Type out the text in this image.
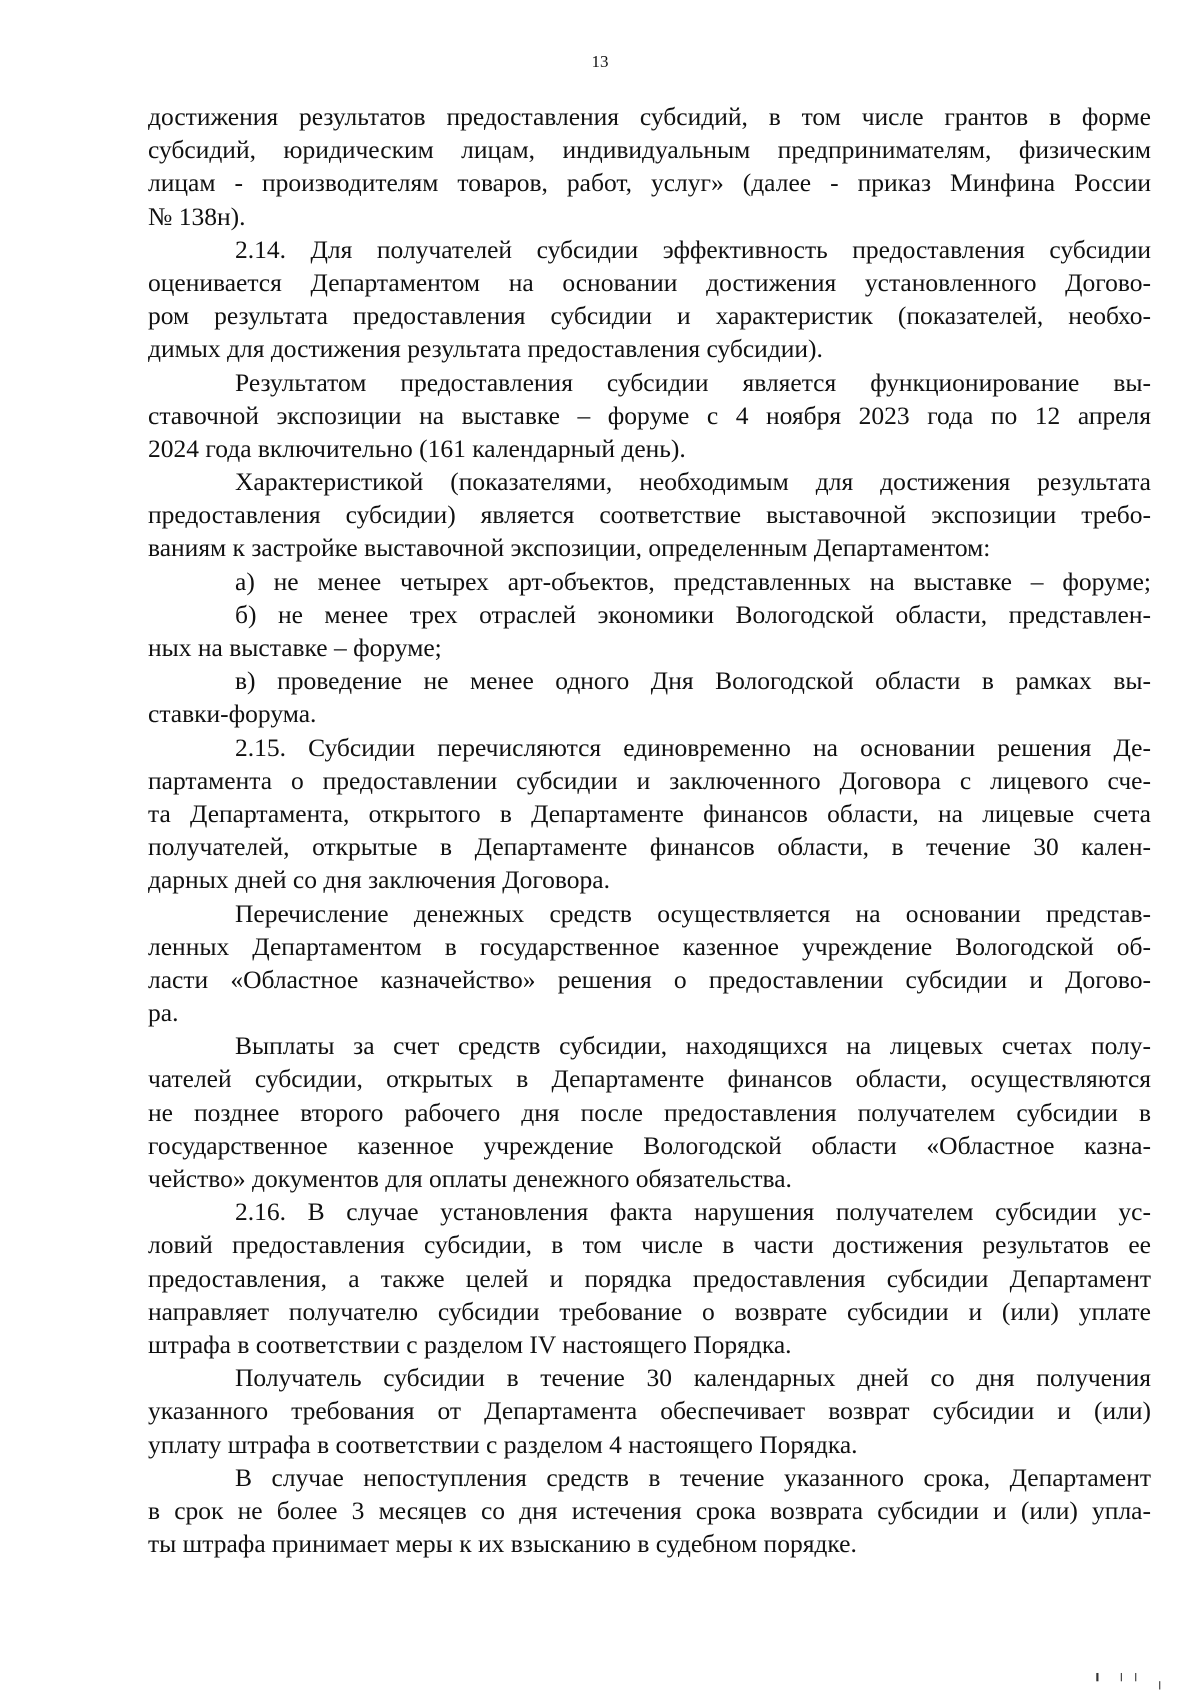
13
достижения результатов предоставления субсидий, в том числе грантов в форме
субсидий, юридическим лицам, индивидуальным предпринимателям, физическим
лицам - производителям товаров, работ, услуг» (далее - приказ Минфина России
№ 138н).
2.14. Для получателей субсидии эффективность предоставления субсидии
оценивается Департаментом на основании достижения установленного Догово-
ром результата предоставления субсидии и характеристик (показателей, необхо-
димых для достижения результата предоставления субсидии).
Результатом предоставления субсидии является функционирование вы-
ставочной экспозиции на выставке – форуме с 4 ноября 2023 года по 12 апреля
2024 года включительно (161 календарный день).
Характеристикой (показателями, необходимым для достижения результата
предоставления субсидии) является соответствие выставочной экспозиции требо-
ваниям к застройке выставочной экспозиции, определенным Департаментом:
а) не менее четырех арт-объектов, представленных на выставке – форуме;
б) не менее трех отраслей экономики Вологодской области, представлен-
ных на выставке – форуме;
в) проведение не менее одного Дня Вологодской области в рамках вы-
ставки-форума.
2.15. Субсидии перечисляются единовременно на основании решения Де-
партамента о предоставлении субсидии и заключенного Договора с лицевого сче-
та Департамента, открытого в Департаменте финансов области, на лицевые счета
получателей, открытые в Департаменте финансов области, в течение 30 кален-
дарных дней со дня заключения Договора.
Перечисление денежных средств осуществляется на основании представ-
ленных Департаментом в государственное казенное учреждение Вологодской об-
ласти «Областное казначейство» решения о предоставлении субсидии и Догово-
ра.
Выплаты за счет средств субсидии, находящихся на лицевых счетах полу-
чателей субсидии, открытых в Департаменте финансов области, осуществляются
не позднее второго рабочего дня после предоставления получателем субсидии в
государственное казенное учреждение Вологодской области «Областное казна-
чейство» документов для оплаты денежного обязательства.
2.16. В случае установления факта нарушения получателем субсидии ус-
ловий предоставления субсидии, в том числе в части достижения результатов ее
предоставления, а также целей и порядка предоставления субсидии Департамент
направляет получателю субсидии требование о возврате субсидии и (или) уплате
штрафа в соответствии с разделом IV настоящего Порядка.
Получатель субсидии в течение 30 календарных дней со дня получения
указанного требования от Департамента обеспечивает возврат субсидии и (или)
уплату штрафа в соответствии с разделом 4 настоящего Порядка.
В случае непоступления средств в течение указанного срока, Департамент
в срок не более 3 месяцев со дня истечения срока возврата субсидии и (или) упла-
ты штрафа принимает меры к их взысканию в судебном порядке.
╹ ╵╵ ╷
